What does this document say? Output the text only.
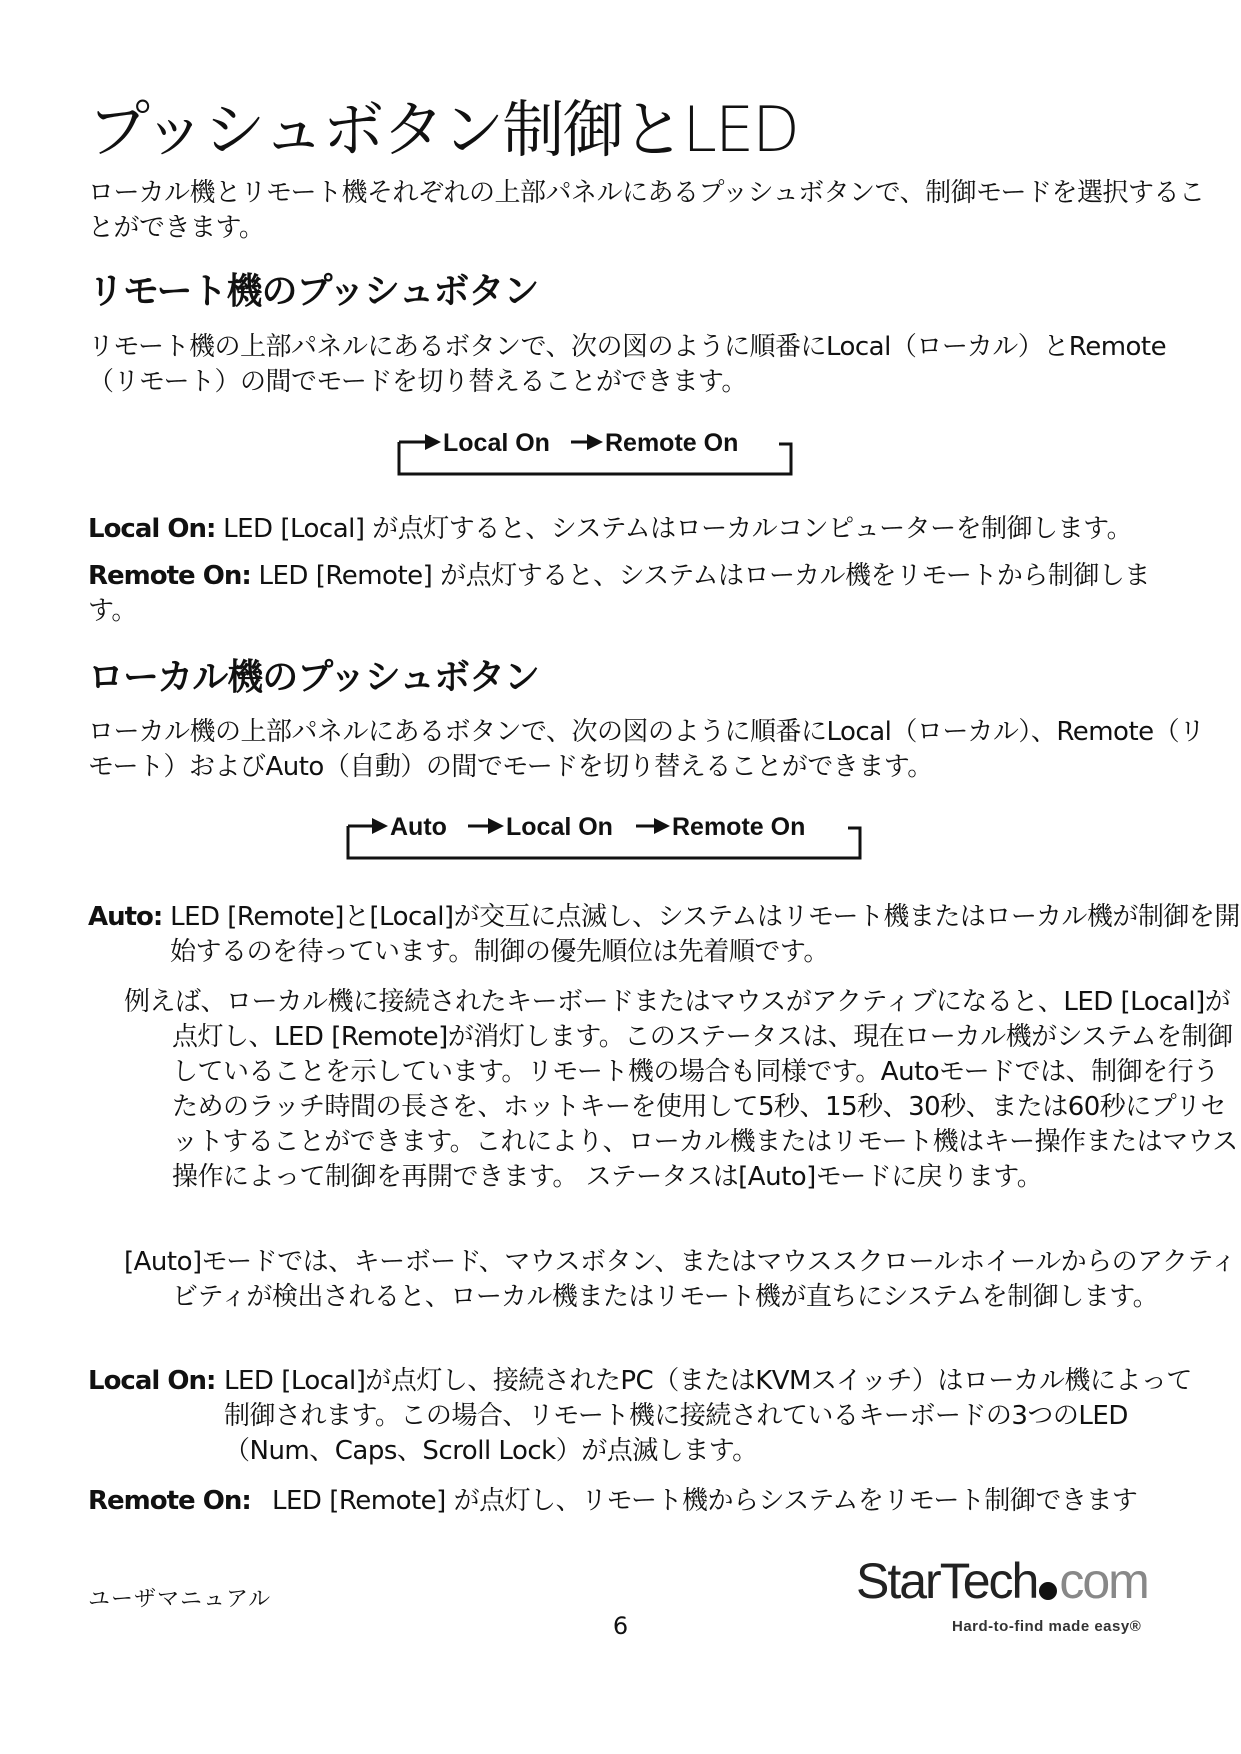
プッシュボタン制御とLED

ローカル機とリモート機それぞれの上部パネルにあるプッシュボタンで、制御モードを選択することができます。

リモート機のプッシュボタン

リモート機の上部パネルにあるボタンで、次の図のように順番にLocal（ローカル）とRemote（リモート）の間でモードを切り替えることができます。

Local On Remote On

Local On: LED [Local] が点灯すると、システムはローカルコンピューターを制御します。

Remote On: LED [Remote] が点灯すると、システムはローカル機をリモートから制御します。

ローカル機のプッシュボタン

ローカル機の上部パネルにあるボタンで、次の図のように順番にLocal（ローカル）、Remote（リモート）およびAuto（自動）の間でモードを切り替えることができます。

Auto Local On Remote On

Auto: LED [Remote]と[Local]が交互に点滅し、システムはリモート機またはローカル機が制御を開始するのを待っています。制御の優先順位は先着順です。

例えば、ローカル機に接続されたキーボードまたはマウスがアクティブになると、LED [Local]が点灯し、LED [Remote]が消灯します。このステータスは、現在ローカル機がシステムを制御していることを示しています。リモート機の場合も同様です。Autoモードでは、制御を行うためのラッチ時間の長さを、ホットキーを使用して5秒、15秒、30秒、または60秒にプリセットすることができます。これにより、ローカル機またはリモート機はキー操作またはマウス操作によって制御を再開できます。 ステータスは[Auto]モードに戻ります。

[Auto]モードでは、キーボード、マウスボタン、またはマウススクロールホイールからのアクティビティが検出されると、ローカル機またはリモート機が直ちにシステムを制御します。

Local On: LED [Local]が点灯し、接続されたPC（またはKVMスイッチ）はローカル機によって制御されます。この場合、リモート機に接続されているキーボードの3つのLED（Num、Caps、Scroll Lock）が点滅します。
Remote On: LED [Remote] が点灯し、リモート機からシステムをリモート制御できます
ユーザマニュアル
6
StarTech com
Hard-to-find made easy®
